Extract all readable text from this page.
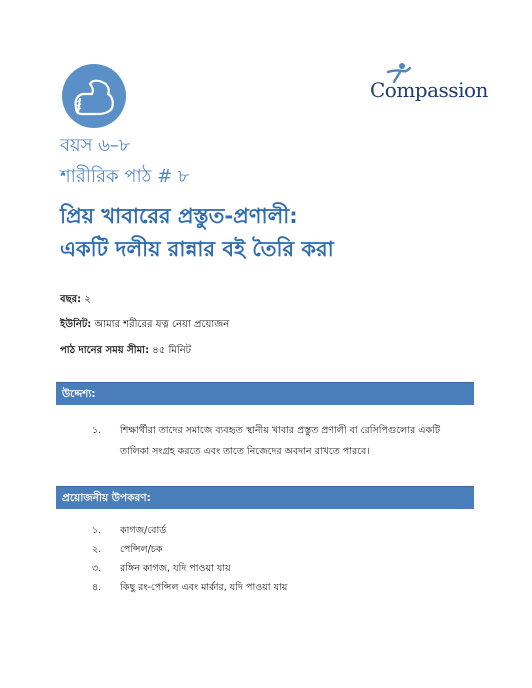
Compassion
বয়স ৬–৮
শারীরিক পাঠ # ৮
প্রিয় খাবারের প্রস্তুত-প্রণালী:
একটি দলীয় রান্নার বই তৈরি করা
বছর: ২
ইউনিট: আমার শরীরের যত্ন নেয়া প্রয়োজন
পাঠ দানের সময় সীমা: ৪৫ মিনিট
উদ্দেশ্য:
১. শিক্ষার্থীরা তাদের সমাজে ব্যবহৃত স্থানীয় খাবার প্রস্তুত প্রণালী বা রেসিপিগুলোর একটি তালিকা সংগ্রহ করতে এবং তাতে নিজেদের অবদান রাখতে পারবে।
প্রয়োজনীয় উপকরণ:
১. কাগজ/বোর্ড
২. পেন্সিল/চক
৩. রঙ্গিন কাগজ, যদি পাওয়া যায়
৪. কিছু রং-পেন্সিল এবং মার্কার, যদি পাওয়া যায়
